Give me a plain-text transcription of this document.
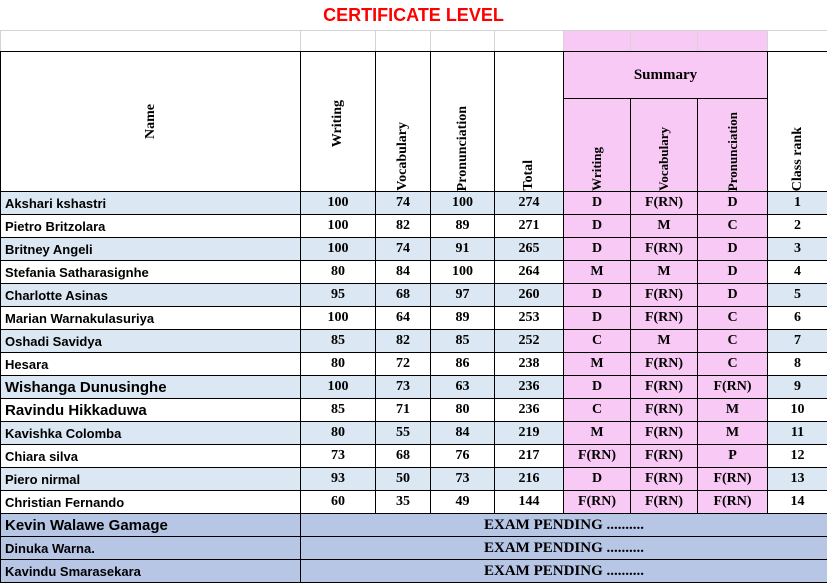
CERTIFICATE LEVEL

Name	Writing	Vocabulary	Pronunciation	Total	Summary			Class rank

					Writing	Vocabulary	Pronunciation	

Akshari kshastri	100	74	100	274	D	F(RN)	D	1
Pietro Britzolara	100	82	89	271	D	M	C	2
Britney Angeli	100	74	91	265	D	F(RN)	D	3
Stefania Satharasignhe	80	84	100	264	M	M	D	4
Charlotte Asinas	95	68	97	260	D	F(RN)	D	5
Marian Warnakulasuriya	100	64	89	253	D	F(RN)	C	6
Oshadi Savidya	85	82	85	252	C	M	C	7
Hesara	80	72	86	238	M	F(RN)	C	8
Wishanga Dunusinghe	100	73	63	236	D	F(RN)	F(RN)	9
Ravindu Hikkaduwa	85	71	80	236	C	F(RN)	M	10
Kavishka Colomba	80	55	84	219	M	F(RN)	M	11
Chiara silva	73	68	76	217	F(RN)	F(RN)	P	12
Piero nirmal	93	50	73	216	D	F(RN)	F(RN)	13
Christian Fernando	60	35	49	144	F(RN)	F(RN)	F(RN)	14
Kevin Walawe Gamage	EXAM PENDING ..........							
Dinuka Warna.	EXAM PENDING ..........							
Kavindu Smarasekara	EXAM PENDING ..........							
